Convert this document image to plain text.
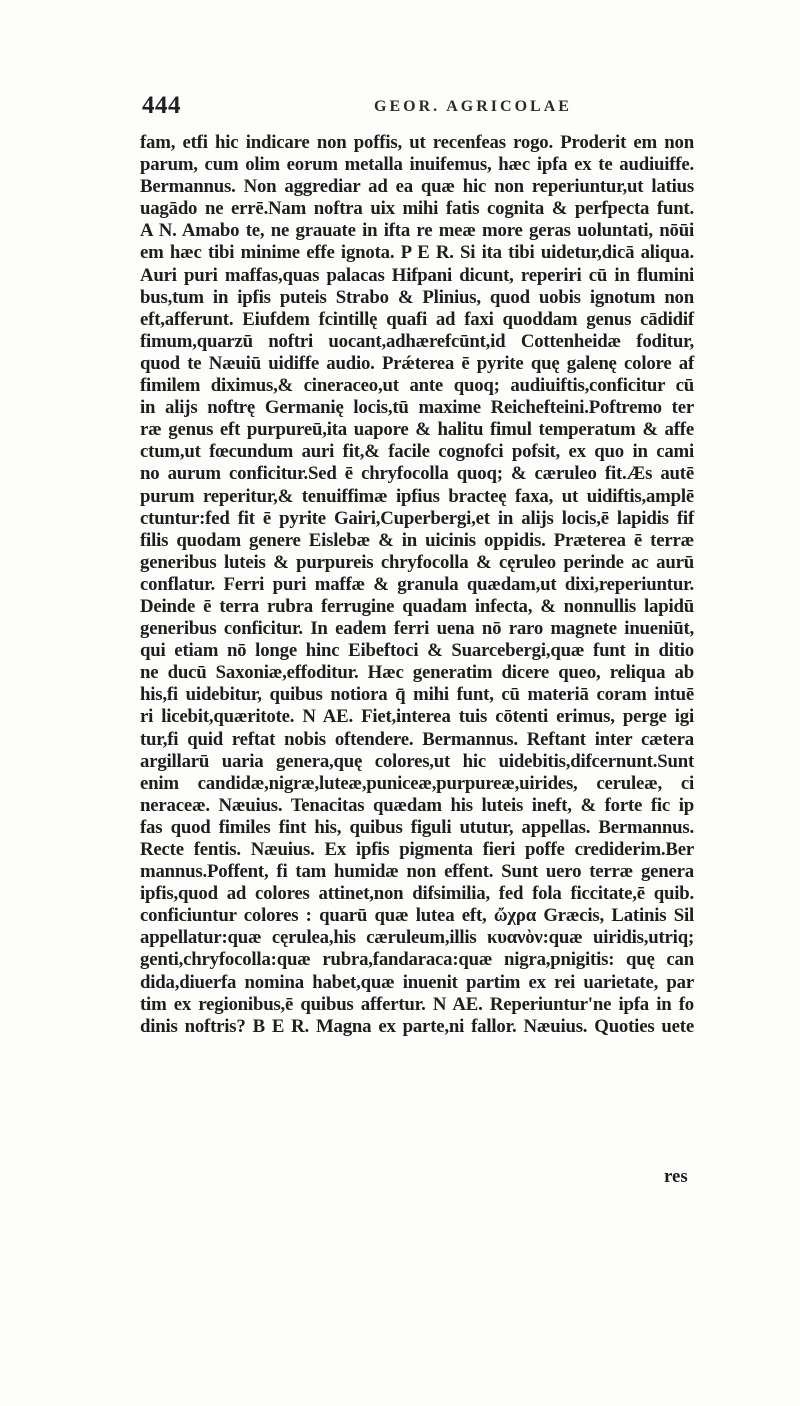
444	GEOR. AGRICOLAE
fam, etfi hic indicare non poffis, ut recenfeas rogo. Proderit em non
parum, cum olim eorum metalla inuifemus, hæc ipfa ex te audiuiffe.
Bermannus. Non aggrediar ad ea quæ hic non reperiuntur,ut latius
uagādo ne errē.Nam noftra uix mihi fatis cognita & perfpecta funt.
A N. Amabo te, ne grauate in ifta re meæ more geras uoluntati, nōūi
em hæc tibi minime effe ignota. P E R. Si ita tibi uidetur,dicā aliqua.
Auri puri maffas,quas palacas Hifpani dicunt, reperiri cū in flumini
bus,tum in ipfis puteis Strabo & Plinius, quod uobis ignotum non
eft,afferunt. Eiufdem fcintillę quafi ad faxi quoddam genus cādidif
fimum,quarzū noftri uocant,adhærefcūnt,id Cottenheidæ foditur,
quod te Næuiū uidiffe audio. Prǽterea ē pyrite quę galenę colore af
fimilem diximus,& cineraceo,ut ante quoq; audiuiftis,conficitur cū
in alijs noftrę Germanię locis,tū maxime Reichefteini.Poftremo ter
ræ genus eft purpureū,ita uapore & halitu fimul temperatum & affe
ctum,ut fœcundum auri fit,& facile cognofci pofsit, ex quo in cami
no aurum conficitur.Sed ē chryfocolla quoq; & cæruleo fit.Æs autē
purum reperitur,& tenuiffimæ ipfius bracteę faxa, ut uidiftis,amplē
ctuntur:fed fit ē pyrite Gairi,Cuperbergi,et in alijs locis,ē lapidis fif
filis quodam genere Eislebæ & in uicinis oppidis. Præterea ē terræ
generibus luteis & purpureis chryfocolla & cęruleo perinde ac aurū
conflatur. Ferri puri maffæ & granula quædam,ut dixi,reperiuntur.
Deinde ē terra rubra ferrugine quadam infecta, & nonnullis lapidū
generibus conficitur. In eadem ferri uena nō raro magnete inueniūt,
qui etiam nō longe hinc Eibeftoci & Suarcebergi,quæ funt in ditio
ne ducū Saxoniæ,effoditur. Hæc generatim dicere queo, reliqua ab
his,fi uidebitur, quibus notiora q̄ mihi funt, cū materiā coram intuē
ri licebit,quæritote. N AE. Fiet,interea tuis cōtenti erimus, perge igi
tur,fi quid reftat nobis oftendere. Bermannus. Reftant inter cætera
argillarū uaria genera,quę colores,ut hic uidebitis,difcernunt.Sunt
enim candidæ,nigræ,luteæ,puniceæ,purpureæ,uirides, ceruleæ, ci
neraceæ. Næuius. Tenacitas quædam his luteis ineft, & forte fic ip
fas quod fimiles fint his, quibus figuli ututur, appellas. Bermannus.
Recte fentis. Næuius. Ex ipfis pigmenta fieri poffe crediderim.Ber
mannus.Poffent, fi tam humidæ non effent. Sunt uero terræ genera
ipfis,quod ad colores attinet,non difsimilia, fed fola ficcitate,ē quib.
conficiuntur colores : quarū quæ lutea eft, ὤχρα Græcis, Latinis Sil
appellatur:quæ cęrulea,his cæruleum,illis κυανὸν:quæ uiridis,utriq;
genti,chryfocolla:quæ rubra,fandaraca:quæ nigra,pnigitis: quę can
dida,diuerfa nomina habet,quæ inuenit partim ex rei uarietate, par
tim ex regionibus,ē quibus affertur. N AE. Reperiuntur'ne ipfa in fo
dinis noftris? B E R. Magna ex parte,ni fallor. Næuius. Quoties uete
res
